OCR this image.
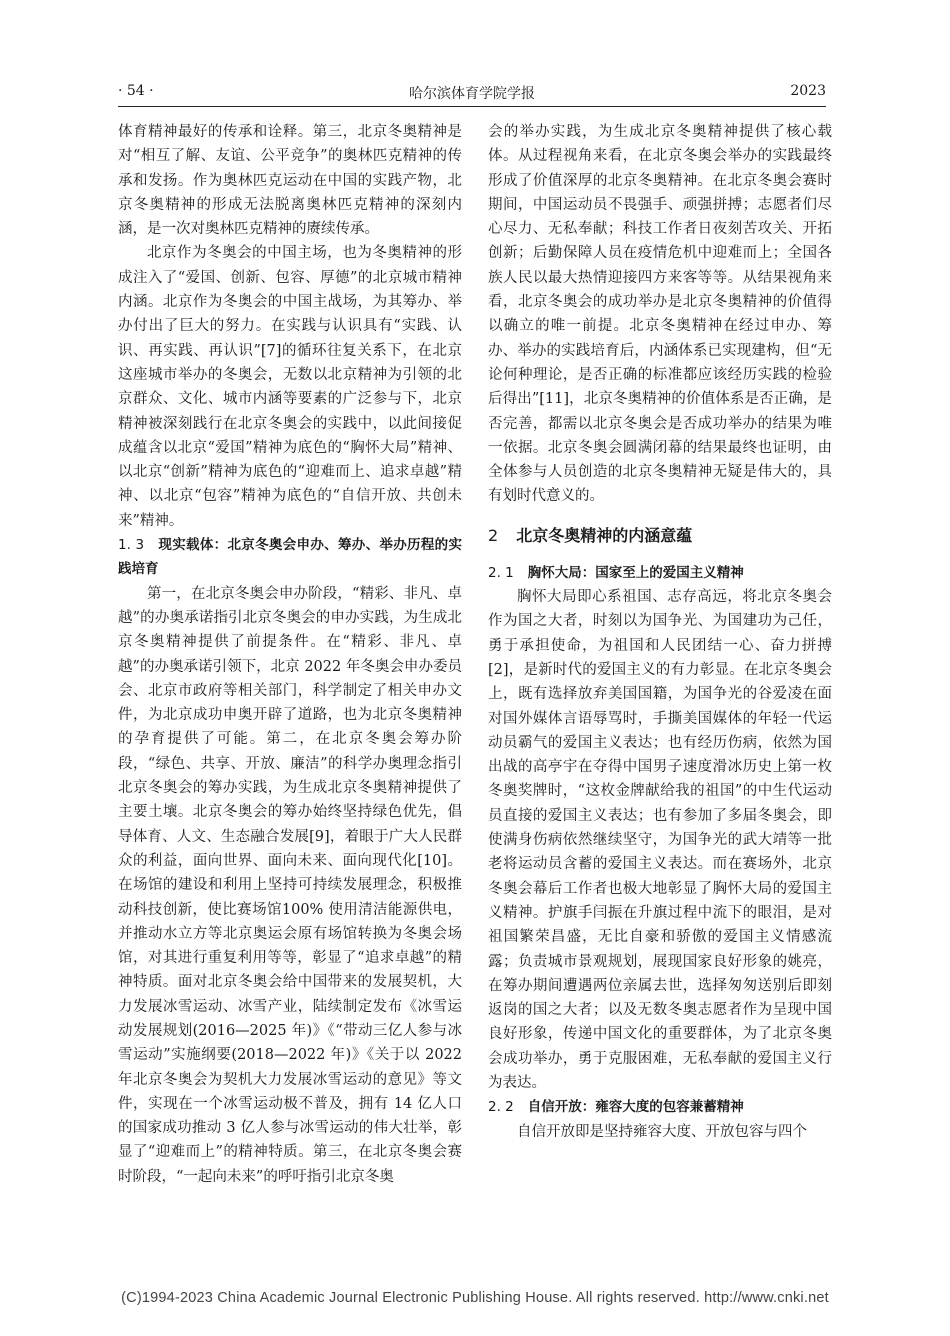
· 54 ·	哈尔滨体育学院学报	2023

体育精神最好的传承和诠释。第三，北京冬奥精神是对“相互了解、友谊、公平竞争”的奥林匹克精神的传承和发扬。作为奥林匹克运动在中国的实践产物，北京冬奥精神的形成无法脱离奥林匹克精神的深刻内涵，是一次对奥林匹克精神的赓续传承。

北京作为冬奥会的中国主场，也为冬奥精神的形成注入了“爱国、创新、包容、厚德”的北京城市精神内涵。北京作为冬奥会的中国主战场，为其筹办、举办付出了巨大的努力。在实践与认识具有“实践、认识、再实践、再认识”[7]的循环往复关系下，在北京这座城市举办的冬奥会，无数以北京精神为引领的北京群众、文化、城市内涵等要素的广泛参与下，北京精神被深刻践行在北京冬奥会的实践中，以此间接促成蕴含以北京“爱国”精神为底色的“胸怀大局”精神、以北京“创新”精神为底色的“迎难而上、追求卓越”精神、以北京“包容”精神为底色的“自信开放、共创未来”精神。

1. 3 现实载体：北京冬奥会申办、筹办、举办历程的实践培育

第一，在北京冬奥会申办阶段，“精彩、非凡、卓越”的办奥承诺指引北京冬奥会的申办实践，为生成北京冬奥精神提供了前提条件。在“精彩、非凡、卓越”的办奥承诺引领下，北京 2022 年冬奥会申办委员会、北京市政府等相关部门，科学制定了相关申办文件，为北京成功申奥开辟了道路，也为北京冬奥精神的孕育提供了可能。第二，在北京冬奥会筹办阶段，“绿色、共享、开放、廉洁”的科学办奥理念指引北京冬奥会的筹办实践，为生成北京冬奥精神提供了主要土壤。北京冬奥会的筹办始终坚持绿色优先，倡导体育、人文、生态融合发展[9]，着眼于广大人民群众的利益，面向世界、面向未来、面向现代化[10]。在场馆的建设和利用上坚持可持续发展理念，积极推动科技创新，使比赛场馆100% 使用清洁能源供电，并推动水立方等北京奥运会原有场馆转换为冬奥会场馆，对其进行重复利用等等，彰显了“追求卓越”的精神特质。面对北京冬奥会给中国带来的发展契机，大力发展冰雪运动、冰雪产业，陆续制定发布《冰雪运动发展规划(2016—2025 年)》《“带动三亿人参与冰雪运动”实施纲要(2018—2022 年)》《关于以 2022 年北京冬奥会为契机大力发展冰雪运动的意见》等文件，实现在一个冰雪运动极不普及，拥有 14 亿人口的国家成功推动 3 亿人参与冰雪运动的伟大壮举，彰显了“迎难而上”的精神特质。第三，在北京冬奥会赛时阶段，“一起向未来”的呼吁指引北京冬奥

会的举办实践，为生成北京冬奥精神提供了核心载体。从过程视角来看，在北京冬奥会举办的实践最终形成了价值深厚的北京冬奥精神。在北京冬奥会赛时期间，中国运动员不畏强手、顽强拼搏；志愿者们尽心尽力、无私奉献；科技工作者日夜刻苦攻关、开拓创新；后勤保障人员在疫情危机中迎难而上；全国各族人民以最大热情迎接四方来客等等。从结果视角来看，北京冬奥会的成功举办是北京冬奥精神的价值得以确立的唯一前提。北京冬奥精神在经过申办、筹办、举办的实践培育后，内涵体系已实现建构，但“无论何种理论，是否正确的标准都应该经历实践的检验后得出”[11]，北京冬奥精神的价值体系是否正确，是否完善，都需以北京冬奥会是否成功举办的结果为唯一依据。北京冬奥会圆满闭幕的结果最终也证明，由全体参与人员创造的北京冬奥精神无疑是伟大的，具有划时代意义的。

2 北京冬奥精神的内涵意蕴
2. 1 胸怀大局：国家至上的爱国主义精神

胸怀大局即心系祖国、志存高远，将北京冬奥会作为国之大者，时刻以为国争光、为国建功为己任，勇于承担使命，为祖国和人民团结一心、奋力拼搏[2]，是新时代的爱国主义的有力彰显。在北京冬奥会上，既有选择放弃美国国籍，为国争光的谷爱凌在面对国外媒体言语辱骂时，手撕美国媒体的年轻一代运动员霸气的爱国主义表达；也有经历伤病，依然为国出战的高亭宇在夺得中国男子速度滑冰历史上第一枚冬奥奖牌时，“这枚金牌献给我的祖国”的中生代运动员直接的爱国主义表达；也有参加了多届冬奥会，即使满身伤病依然继续坚守，为国争光的武大靖等一批老将运动员含蓄的爱国主义表达。而在赛场外，北京冬奥会幕后工作者也极大地彰显了胸怀大局的爱国主义精神。护旗手闫振在升旗过程中流下的眼泪，是对祖国繁荣昌盛，无比自豪和骄傲的爱国主义情感流露；负责城市景观规划，展现国家良好形象的姚亮，在筹办期间遭遇两位亲属去世，选择匆匆送别后即刻返岗的国之大者；以及无数冬奥志愿者作为呈现中国良好形象，传递中国文化的重要群体，为了北京冬奥会成功举办，勇于克服困难，无私奉献的爱国主义行为表达。

2. 2 自信开放：雍容大度的包容兼蓄精神

自信开放即是坚持雍容大度、开放包容与四个

(C)1994-2023 China Academic Journal Electronic Publishing House. All rights reserved. http://www.cnki.net
